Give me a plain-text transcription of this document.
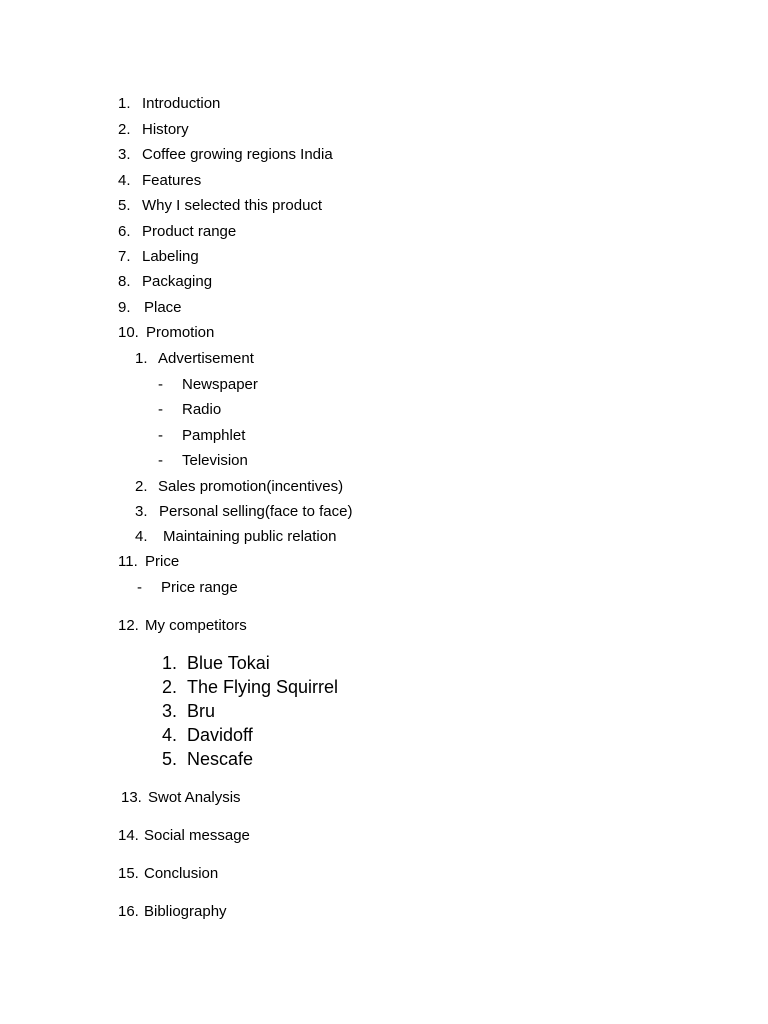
1. Introduction
2. History
3. Coffee growing regions India
4. Features
5. Why I selected this product
6. Product range
7. Labeling
8. Packaging
9. Place
10. Promotion
1. Advertisement
- Newspaper
- Radio
- Pamphlet
- Television
2. Sales promotion(incentives)
3. Personal selling(face to face)
4. Maintaining public relation
11. Price
- Price range
12. My competitors
1. Blue Tokai
2. The Flying Squirrel
3. Bru
4. Davidoff
5. Nescafe
13. Swot Analysis
14. Social message
15. Conclusion
16. Bibliography
